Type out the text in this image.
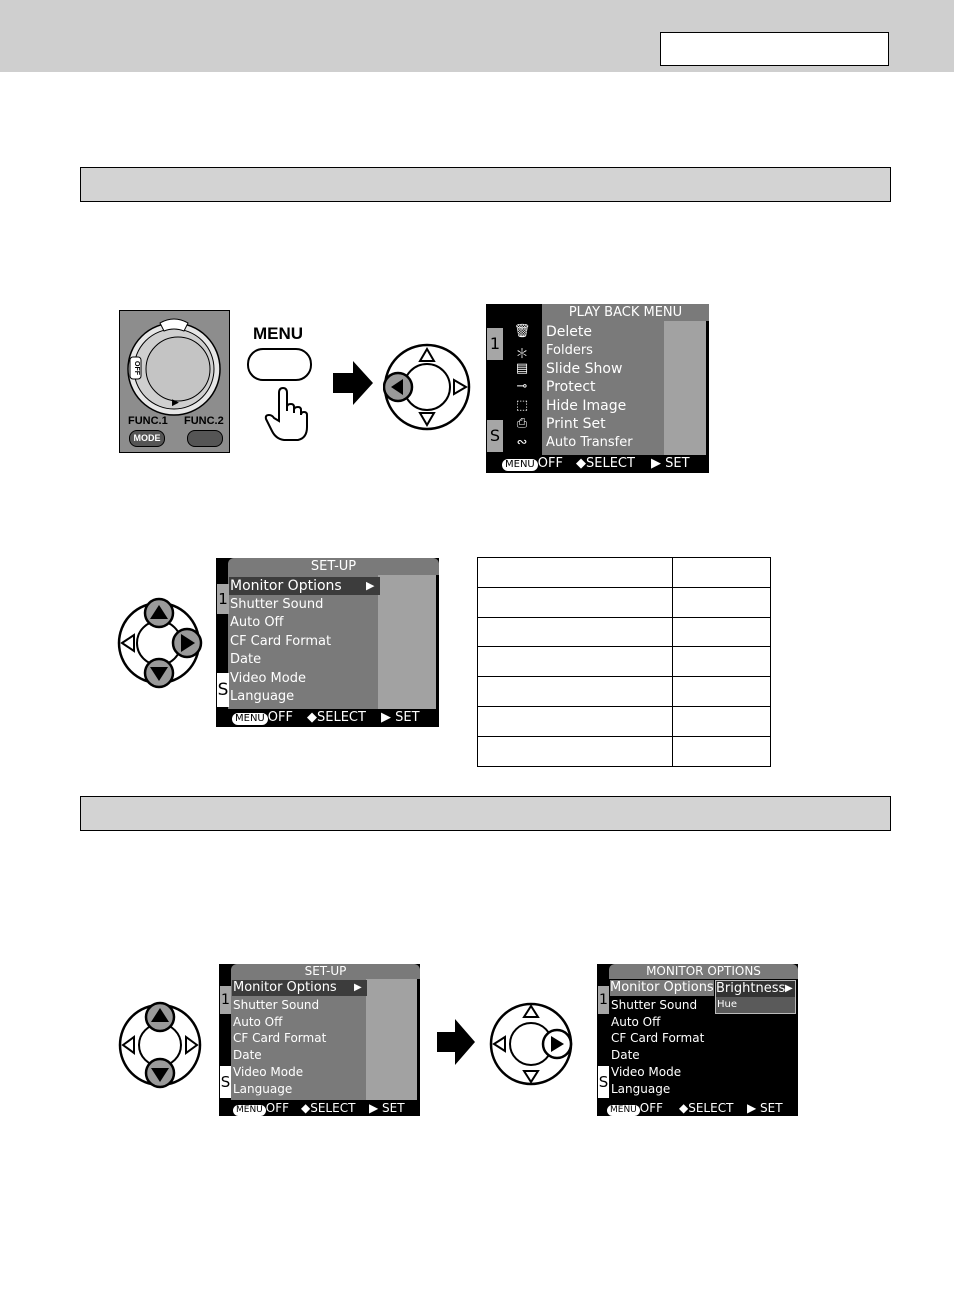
OFF
▶
FUNC.1 FUNC.2
MODE
MENU
PLAY BACK MENU
1
S
🗑
＊
▤
⊸
⬚
⎙
∾
Delete
Folders
Slide Show
Protect
Hide Image
Print Set
Auto Transfer
MENU OFF ◆SELECT ▶ SET
SET-UP
1
S
Monitor Options	▶
Shutter Sound
Auto Off
CF Card Format
Date
Video Mode
Language
MENU OFF ◆SELECT ▶ SET

SET-UP
1
S
Monitor Options	▶
Shutter Sound
Auto Off
CF Card Format
Date
Video Mode
Language
MENU OFF ◆SELECT ▶ SET
MONITOR OPTIONS
1
S
Monitor Options Brightness ▶
Hue
Shutter Sound
Auto Off
CF Card Format
Date
Video Mode
Language
MENU OFF ◆SELECT ▶ SET
